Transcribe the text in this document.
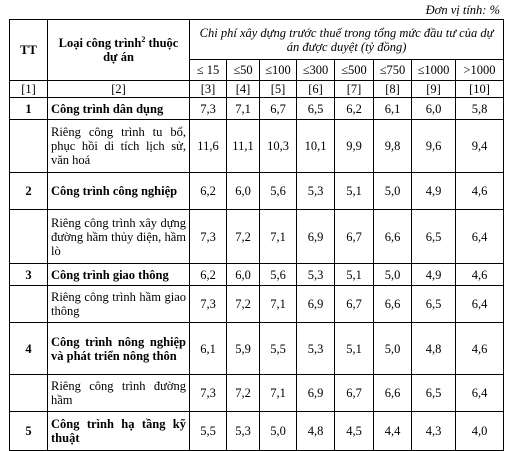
Đơn vị tính: %
TT	Loại công trình$^2$ thuộc dự án	Chi phí xây dựng trước thuế trong tổng mức đầu tư của dự án được duyệt (tỷ đồng)							
		≤ 15	≤50	≤100	≤300	≤500	≤750	≤1000	>1000
[1]	[2]	[3]	[4]	[5]	[6]	[7]	[8]	[9]	[10]
1	Công trình dân dụng	7,3	7,1	6,7	6,5	6,2	6,1	6,0	5,8
	Riêng công trình tu bổ, phục hồi di tích lịch sử, văn hoá	11,6	11,1	10,3	10,1	9,9	9,8	9,6	9,4
2	Công trình công nghiệp	6,2	6,0	5,6	5,3	5,1	5,0	4,9	4,6
	Riêng công trình xây dựng đường hầm thủy điện, hầm lò	7,3	7,2	7,1	6,9	6,7	6,6	6,5	6,4
3	Công trình giao thông	6,2	6,0	5,6	5,3	5,1	5,0	4,9	4,6
	Riêng công trình hầm giao thông	7,3	7,2	7,1	6,9	6,7	6,6	6,5	6,4
4	Công trình nông nghiệp và phát triển nông thôn	6,1	5,9	5,5	5,3	5,1	5,0	4,8	4,6
	Riêng công trình đường hầm	7,3	7,2	7,1	6,9	6,7	6,6	6,5	6,4
5	Công trình hạ tầng kỹ thuật	5,5	5,3	5,0	4,8	4,5	4,4	4,3	4,0
